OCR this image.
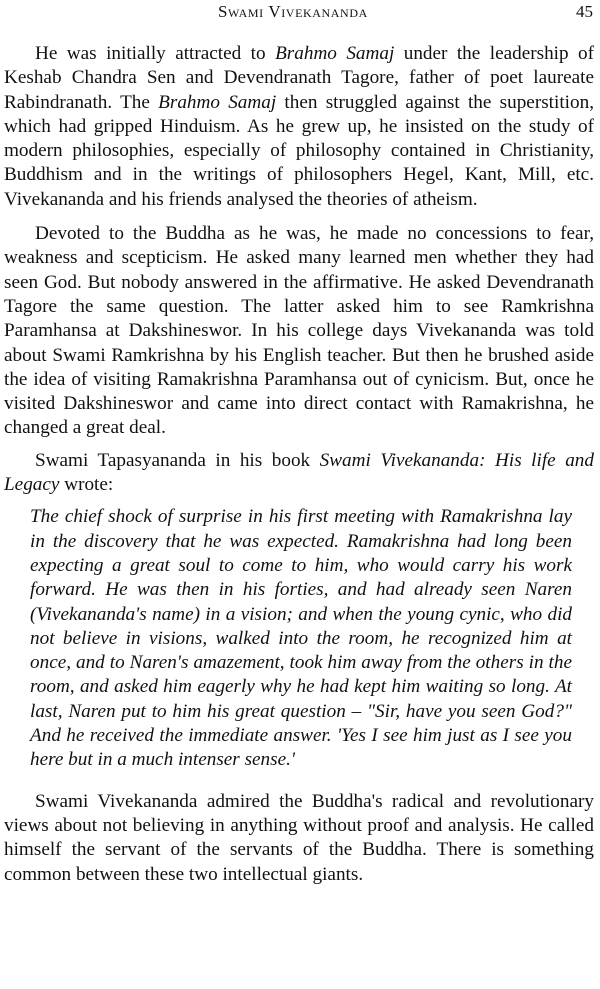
Swami Vivekananda	45

He was initially attracted to Brahmo Samaj under the leadership of Keshab Chandra Sen and Devendranath Tagore, father of poet laureate Rabindranath. The Brahmo Samaj then struggled against the superstition, which had gripped Hinduism. As he grew up, he insisted on the study of modern philosophies, especially of philosophy contained in Christianity, Buddhism and in the writings of philosophers Hegel, Kant, Mill, etc. Vivekananda and his friends analysed the theories of atheism.

Devoted to the Buddha as he was, he made no concessions to fear, weakness and scepticism. He asked many learned men whether they had seen God. But nobody answered in the affirmative. He asked Devendranath Tagore the same question. The latter asked him to see Ramkrishna Paramhansa at Dakshineswor. In his college days Vivekananda was told about Swami Ramkrishna by his English teacher. But then he brushed aside the idea of visiting Ramakrishna Paramhansa out of cynicism. But, once he visited Dakshineswor and came into direct contact with Ramakrishna, he changed a great deal.

Swami Tapasyananda in his book Swami Vivekananda: His life and Legacy wrote:

The chief shock of surprise in his first meeting with Ramakrishna lay in the discovery that he was expected. Ramakrishna had long been expecting a great soul to come to him, who would carry his work forward. He was then in his forties, and had already seen Naren (Vivekananda's name) in a vision; and when the young cynic, who did not believe in visions, walked into the room, he recognized him at once, and to Naren's amazement, took him away from the others in the room, and asked him eagerly why he had kept him waiting so long. At last, Naren put to him his great question – "Sir, have you seen God?" And he received the immediate answer. 'Yes I see him just as I see you here but in a much intenser sense.'

Swami Vivekananda admired the Buddha's radical and revolutionary views about not believing in anything without proof and analysis. He called himself the servant of the servants of the Buddha. There is something common between these two intellectual giants.
